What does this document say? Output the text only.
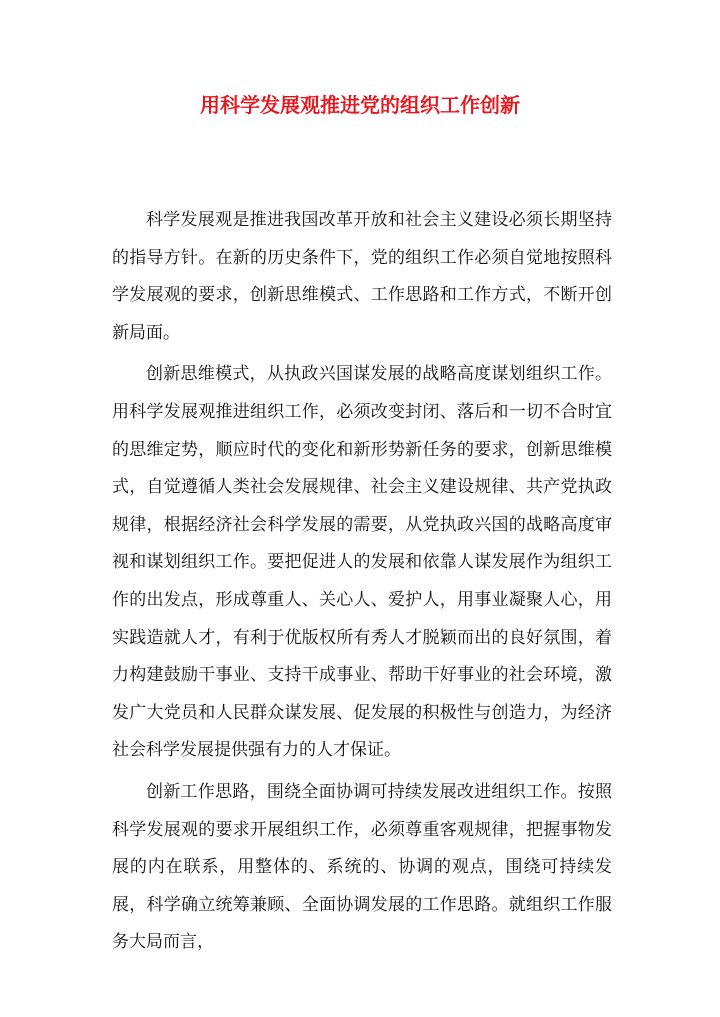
用科学发展观推进党的组织工作创新

科学发展观是推进我国改革开放和社会主义建设必须长期坚持的指导方针。在新的历史条件下，党的组织工作必须自觉地按照科学发展观的要求，创新思维模式、工作思路和工作方式，不断开创新局面。

创新思维模式，从执政兴国谋发展的战略高度谋划组织工作。用科学发展观推进组织工作，必须改变封闭、落后和一切不合时宜的思维定势，顺应时代的变化和新形势新任务的要求，创新思维模式，自觉遵循人类社会发展规律、社会主义建设规律、共产党执政规律，根据经济社会科学发展的需要，从党执政兴国的战略高度审视和谋划组织工作。要把促进人的发展和依靠人谋发展作为组织工作的出发点，形成尊重人、关心人、爱护人，用事业凝聚人心，用实践造就人才，有利于优版权所有秀人才脱颖而出的良好氛围，着力构建鼓励干事业、支持干成事业、帮助干好事业的社会环境，激发广大党员和人民群众谋发展、促发展的积极性与创造力，为经济社会科学发展提供强有力的人才保证。

创新工作思路，围绕全面协调可持续发展改进组织工作。按照科学发展观的要求开展组织工作，必须尊重客观规律，把握事物发展的内在联系，用整体的、系统的、协调的观点，围绕可持续发展，科学确立统筹兼顾、全面协调发展的工作思路。就组织工作服务大局而言，
